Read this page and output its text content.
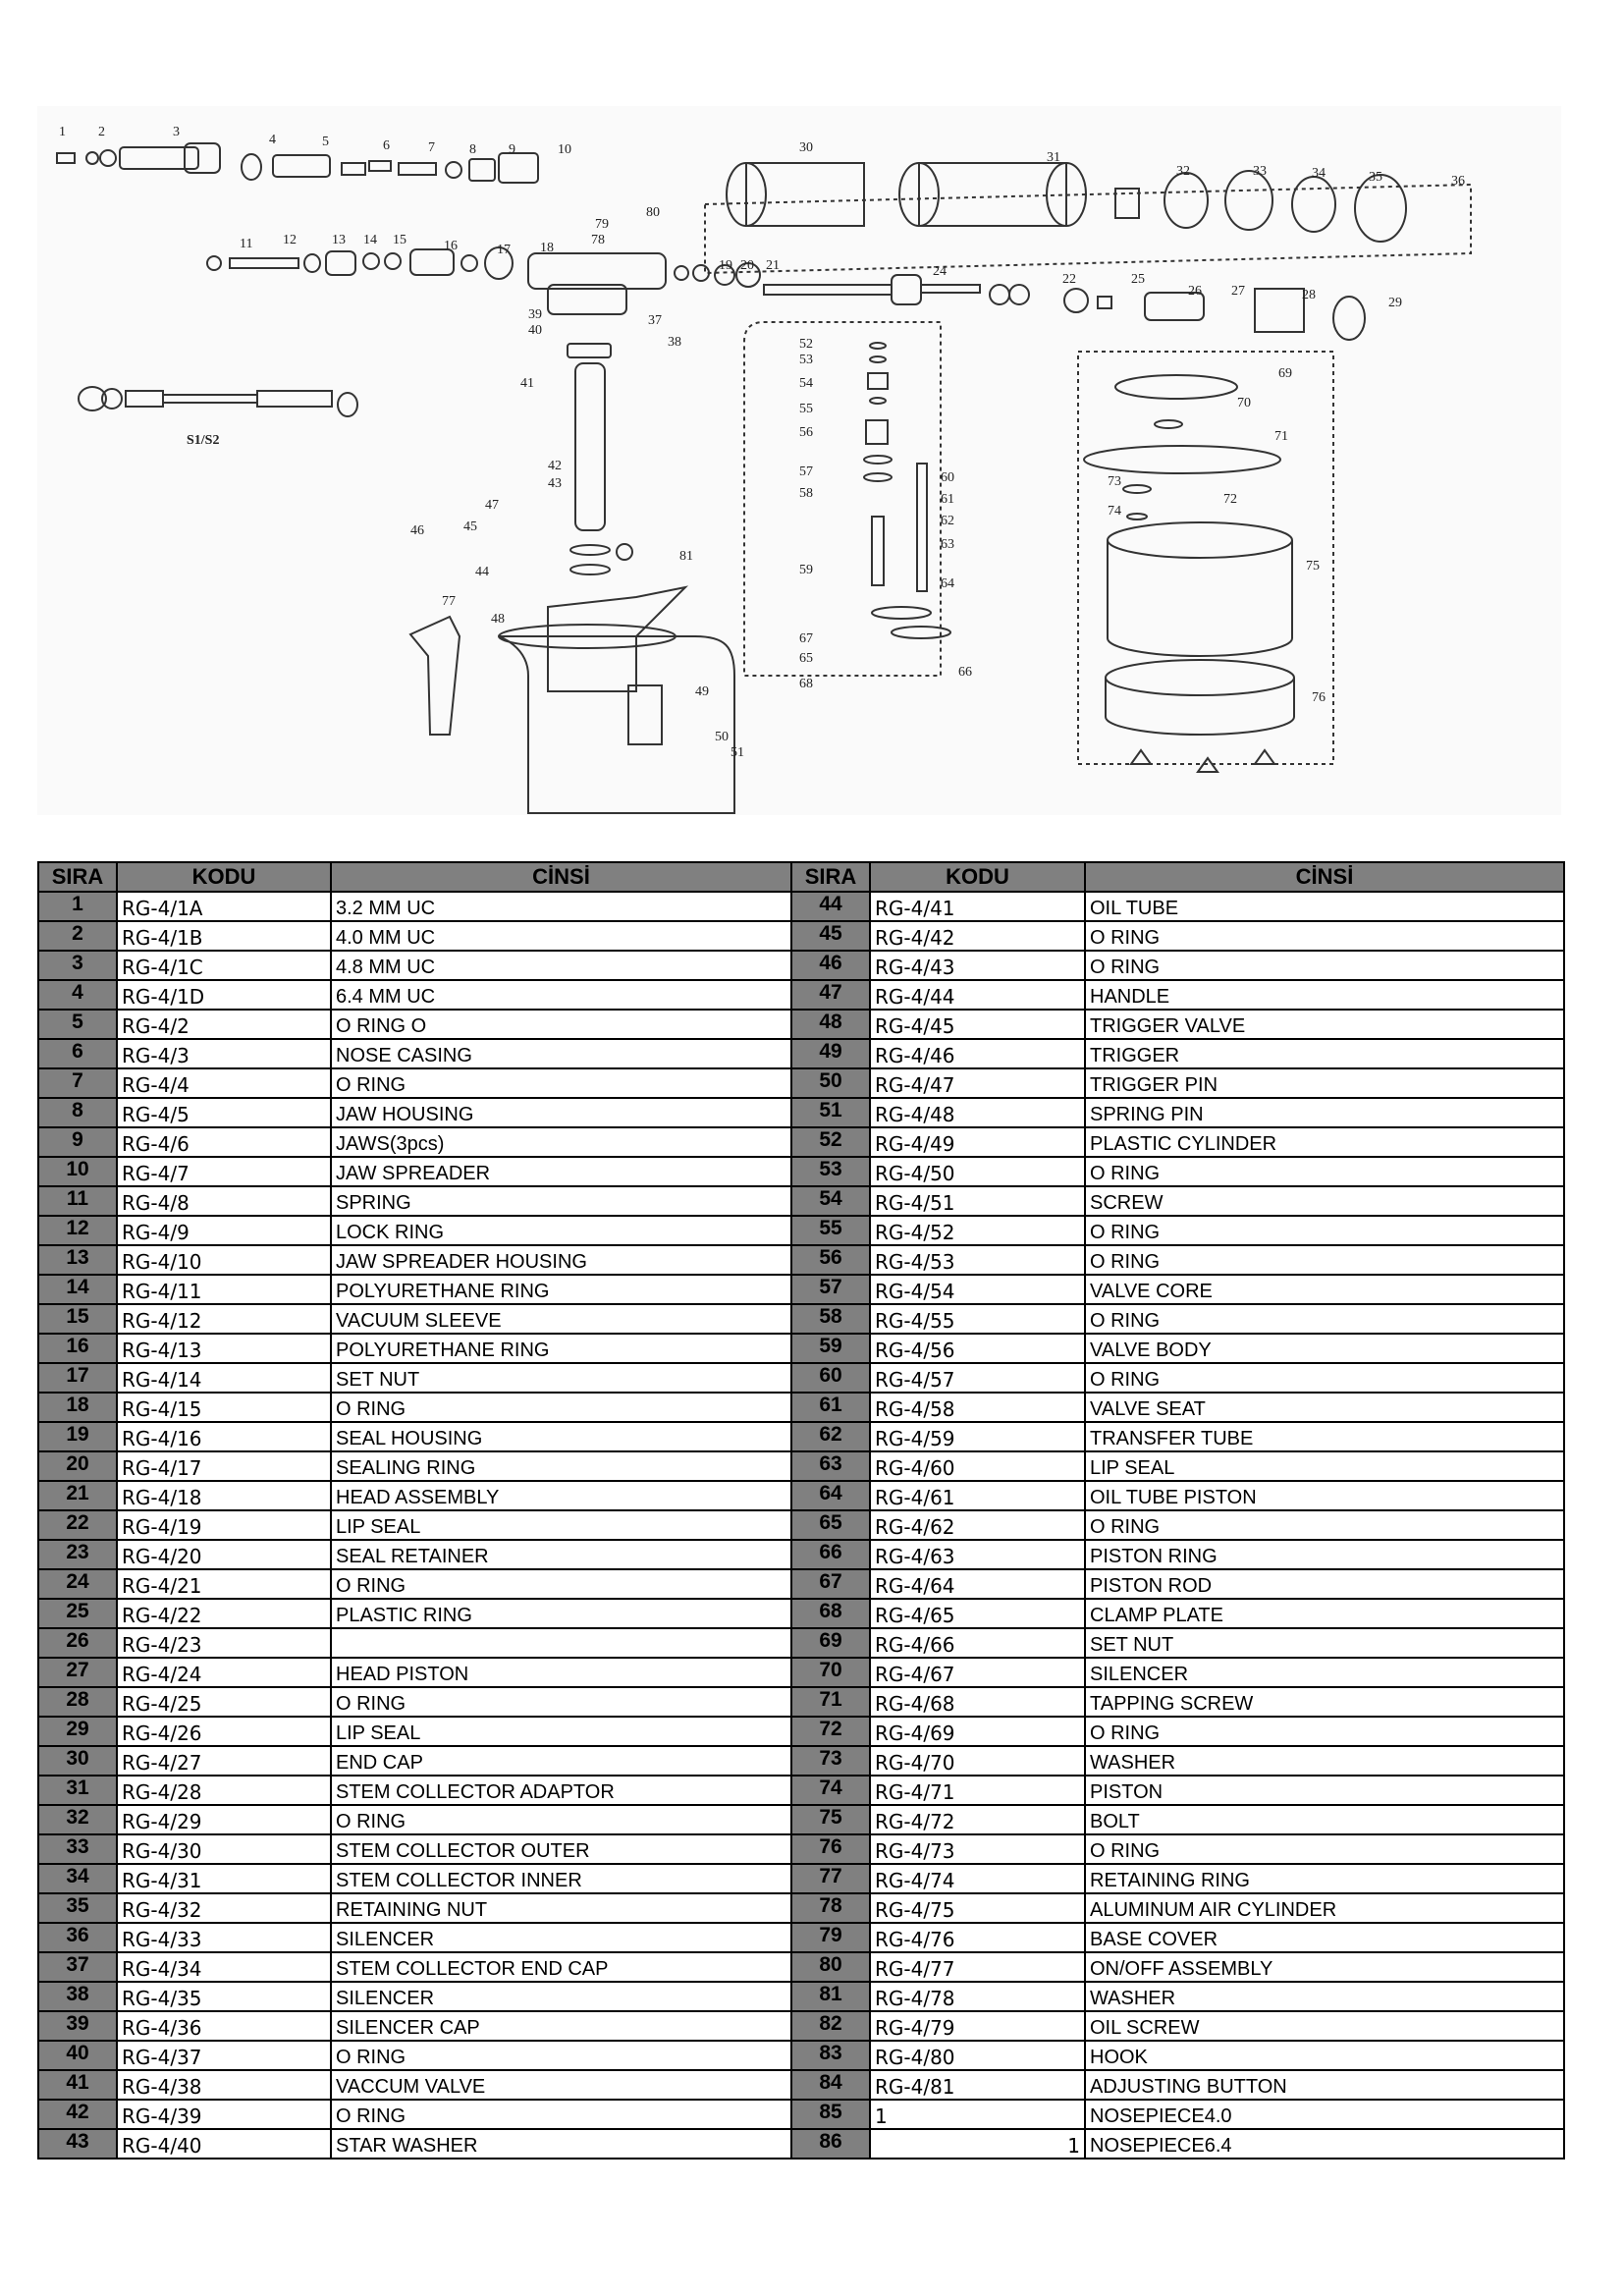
1 2	3
4	5	6	7	8 9	10
11 12	13 14 15	16	17 18
19 20 21
22
24
25
26 27	28
29
30
31
32	33	34	35	36
37
38
39
40
41
42
43
44
45
46
47
48
49
50
51
52
53
54
55
56
57
58
59
60
61
62
63
64
65
66
67
68
69
70
71
72
73
74
75
76
77
78
79
80
81
S1/S2
SIRA	KODU	CİNSİ	SIRA	KODU	CİNSİ
1	RG-4/1A	3.2 MM UC	44	RG-4/41	OIL TUBE
2	RG-4/1B	4.0 MM UC	45	RG-4/42	O RING
3	RG-4/1C	4.8 MM UC	46	RG-4/43	O RING
4	RG-4/1D	6.4 MM UC	47	RG-4/44	HANDLE
5	RG-4/2	O RING O	48	RG-4/45	TRIGGER VALVE
6	RG-4/3	NOSE CASING	49	RG-4/46	TRIGGER
7	RG-4/4	O RING	50	RG-4/47	TRIGGER PIN
8	RG-4/5	JAW HOUSING	51	RG-4/48	SPRING PIN
9	RG-4/6	JAWS(3pcs)	52	RG-4/49	PLASTIC CYLINDER
10	RG-4/7	JAW SPREADER	53	RG-4/50	O RING
11	RG-4/8	SPRING	54	RG-4/51	SCREW
12	RG-4/9	LOCK RING	55	RG-4/52	O RING
13	RG-4/10	JAW SPREADER HOUSING	56	RG-4/53	O RING
14	RG-4/11	POLYURETHANE RING	57	RG-4/54	VALVE CORE
15	RG-4/12	VACUUM SLEEVE	58	RG-4/55	O RING
16	RG-4/13	POLYURETHANE RING	59	RG-4/56	VALVE BODY
17	RG-4/14	SET NUT	60	RG-4/57	O RING
18	RG-4/15	O RING	61	RG-4/58	VALVE SEAT
19	RG-4/16	SEAL HOUSING	62	RG-4/59	TRANSFER TUBE
20	RG-4/17	SEALING RING	63	RG-4/60	LIP SEAL
21	RG-4/18	HEAD ASSEMBLY	64	RG-4/61	OIL TUBE PISTON
22	RG-4/19	LIP SEAL	65	RG-4/62	O RING
23	RG-4/20	SEAL RETAINER	66	RG-4/63	PISTON RING
24	RG-4/21	O RING	67	RG-4/64	PISTON ROD
25	RG-4/22	PLASTIC RING	68	RG-4/65	CLAMP PLATE
26	RG-4/23		69	RG-4/66	SET NUT
27	RG-4/24	HEAD PISTON	70	RG-4/67	SILENCER
28	RG-4/25	O RING	71	RG-4/68	TAPPING SCREW
29	RG-4/26	LIP SEAL	72	RG-4/69	O RING
30	RG-4/27	END CAP	73	RG-4/70	WASHER
31	RG-4/28	STEM COLLECTOR ADAPTOR	74	RG-4/71	PISTON
32	RG-4/29	O RING	75	RG-4/72	BOLT
33	RG-4/30	STEM COLLECTOR OUTER	76	RG-4/73	O RING
34	RG-4/31	STEM COLLECTOR INNER	77	RG-4/74	RETAINING RING
35	RG-4/32	RETAINING NUT	78	RG-4/75	ALUMINUM AIR CYLINDER
36	RG-4/33	SILENCER	79	RG-4/76	BASE COVER
37	RG-4/34	STEM COLLECTOR END CAP	80	RG-4/77	ON/OFF ASSEMBLY
38	RG-4/35	SILENCER	81	RG-4/78	WASHER
39	RG-4/36	SILENCER CAP	82	RG-4/79	OIL SCREW
40	RG-4/37	O RING	83	RG-4/80	HOOK
41	RG-4/38	VACCUM VALVE	84	RG-4/81	ADJUSTING BUTTON
42	RG-4/39	O RING	85	1	NOSEPIECE4.0
43	RG-4/40	STAR WASHER	86	1	NOSEPIECE6.4
